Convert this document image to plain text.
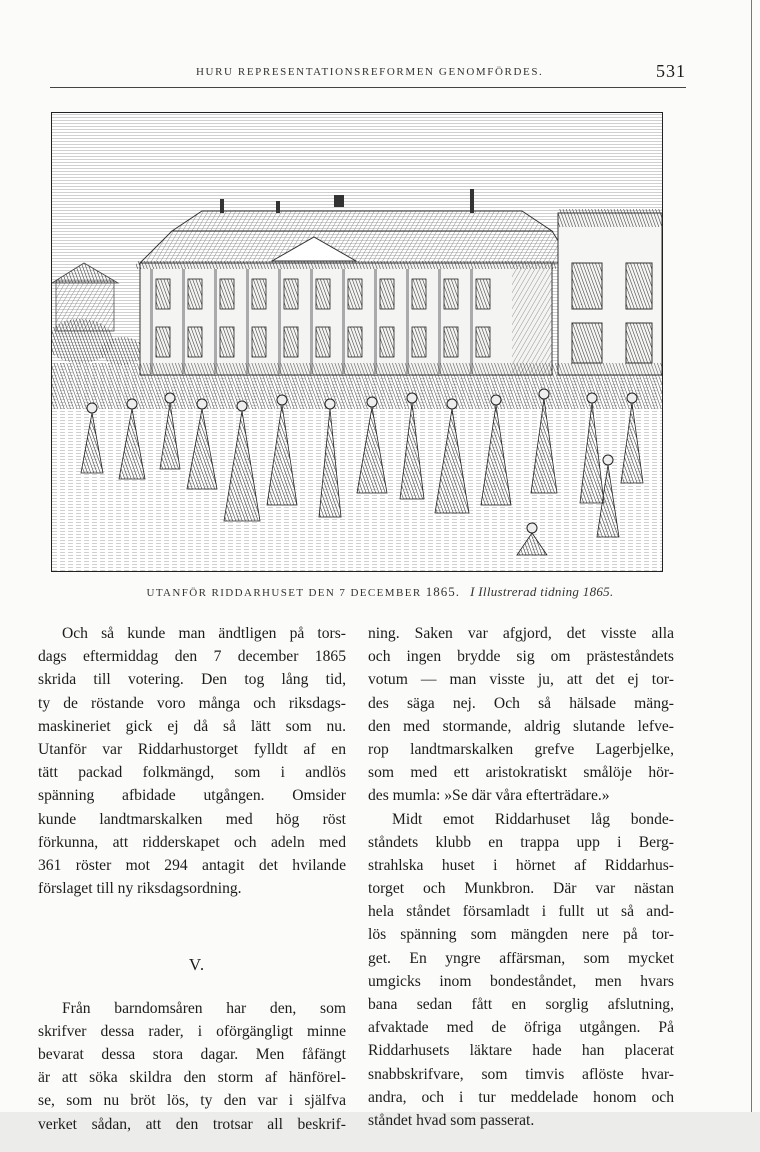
HURU REPRESENTATIONSREFORMEN GENOMFÖRDES.	531
UTANFÖR RIDDARHUSET DEN 7 DECEMBER 1865. I Illustrerad tidning 1865.
Och så kunde man ändtligen på tors-
dags eftermiddag den 7 december 1865
skrida till votering. Den tog lång tid,
ty de röstande voro många och riksdags-
maskineriet gick ej då så lätt som nu.
Utanför var Riddarhustorget fylldt af en
tätt packad folkmängd, som i andlös
spänning afbidade utgången. Omsider
kunde landtmarskalken med hög röst
förkunna, att ridderskapet och adeln med
361 röster mot 294 antagit det hvilande
förslaget till ny riksdagsordning.
V.
Från barndomsåren har den, som
skrifver dessa rader, i oförgängligt minne
bevarat dessa stora dagar. Men fåfängt
är att söka skildra den storm af hänförel-
se, som nu bröt lös, ty den var i själfva
verket sådan, att den trotsar all beskrif-
ning. Saken var afgjord, det visste alla
och ingen brydde sig om prästeståndets
votum — man visste ju, att det ej tor-
des säga nej. Och så hälsade mäng-
den med stormande, aldrig slutande lefve-
rop landtmarskalken grefve Lagerbjelke,
som med ett aristokratiskt smålöje hör-
des mumla: »Se där våra efterträdare.»
Midt emot Riddarhuset låg bonde-
ståndets klubb en trappa upp i Berg-
strahlska huset i hörnet af Riddarhus-
torget och Munkbron. Där var nästan
hela ståndet församladt i fullt ut så and-
lös spänning som mängden nere på tor-
get. En yngre affärsman, som mycket
umgicks inom bondeståndet, men hvars
bana sedan fått en sorglig afslutning,
afvaktade med de öfriga utgången. På
Riddarhusets läktare hade han placerat
snabbskrifvare, som timvis aflöste hvar-
andra, och i tur meddelade honom och
ståndet hvad som passerat.
